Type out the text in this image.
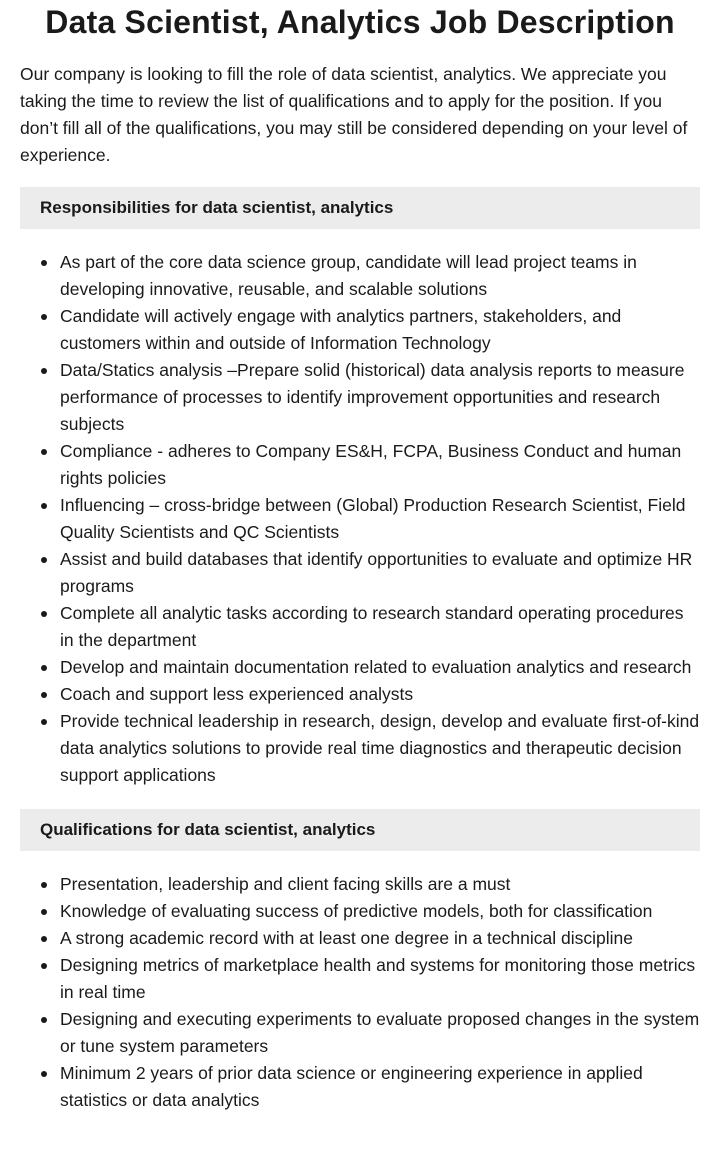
Data Scientist, Analytics Job Description

Our company is looking to fill the role of data scientist, analytics. We appreciate you taking the time to review the list of qualifications and to apply for the position. If you don’t fill all of the qualifications, you may still be considered depending on your level of experience.

Responsibilities for data scientist, analytics
As part of the core data science group, candidate will lead project teams in developing innovative, reusable, and scalable solutions
Candidate will actively engage with analytics partners, stakeholders, and customers within and outside of Information Technology
Data/Statics analysis –Prepare solid (historical) data analysis reports to measure performance of processes to identify improvement opportunities and research subjects
Compliance - adheres to Company ES&H, FCPA, Business Conduct and human rights policies
Influencing – cross-bridge between (Global) Production Research Scientist, Field Quality Scientists and QC Scientists
Assist and build databases that identify opportunities to evaluate and optimize HR programs
Complete all analytic tasks according to research standard operating procedures in the department
Develop and maintain documentation related to evaluation analytics and research
Coach and support less experienced analysts
Provide technical leadership in research, design, develop and evaluate first-of-kind data analytics solutions to provide real time diagnostics and therapeutic decision support applications
Qualifications for data scientist, analytics
Presentation, leadership and client facing skills are a must
Knowledge of evaluating success of predictive models, both for classification
A strong academic record with at least one degree in a technical discipline
Designing metrics of marketplace health and systems for monitoring those metrics in real time
Designing and executing experiments to evaluate proposed changes in the system or tune system parameters
Minimum 2 years of prior data science or engineering experience in applied statistics or data analytics
